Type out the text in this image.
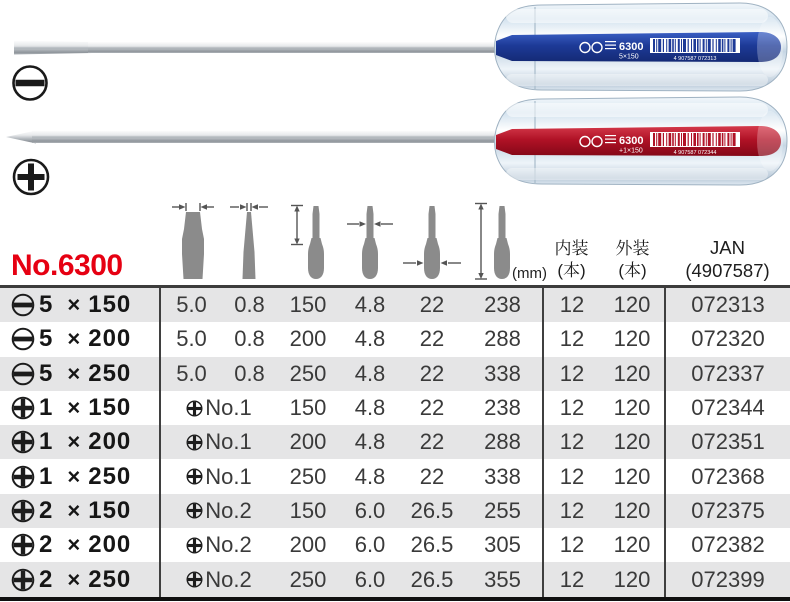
6300
5×150	4 907587 072313
6300
+1×150	4 907587 072344
No.6300	(mm)
内装
(本)
外装
(本)
JAN
(4907587)
5 × 150	5.0	0.8	150	4.8	22	238	12	120	072313

5 × 200	5.0	0.8	200	4.8	22	288	12	120	072320

5 × 250	5.0	0.8	250	4.8	22	338	12	120	072337

1 × 150	No.1		150	4.8	22	238	12	120	072344

1 × 200	No.1		200	4.8	22	288	12	120	072351

1 × 250	No.1		250	4.8	22	338	12	120	072368

2 × 150	No.2		150	6.0	26.5	255	12	120	072375

2 × 200	No.2		200	6.0	26.5	305	12	120	072382

2 × 250	No.2		250	6.0	26.5	355	12	120	072399
